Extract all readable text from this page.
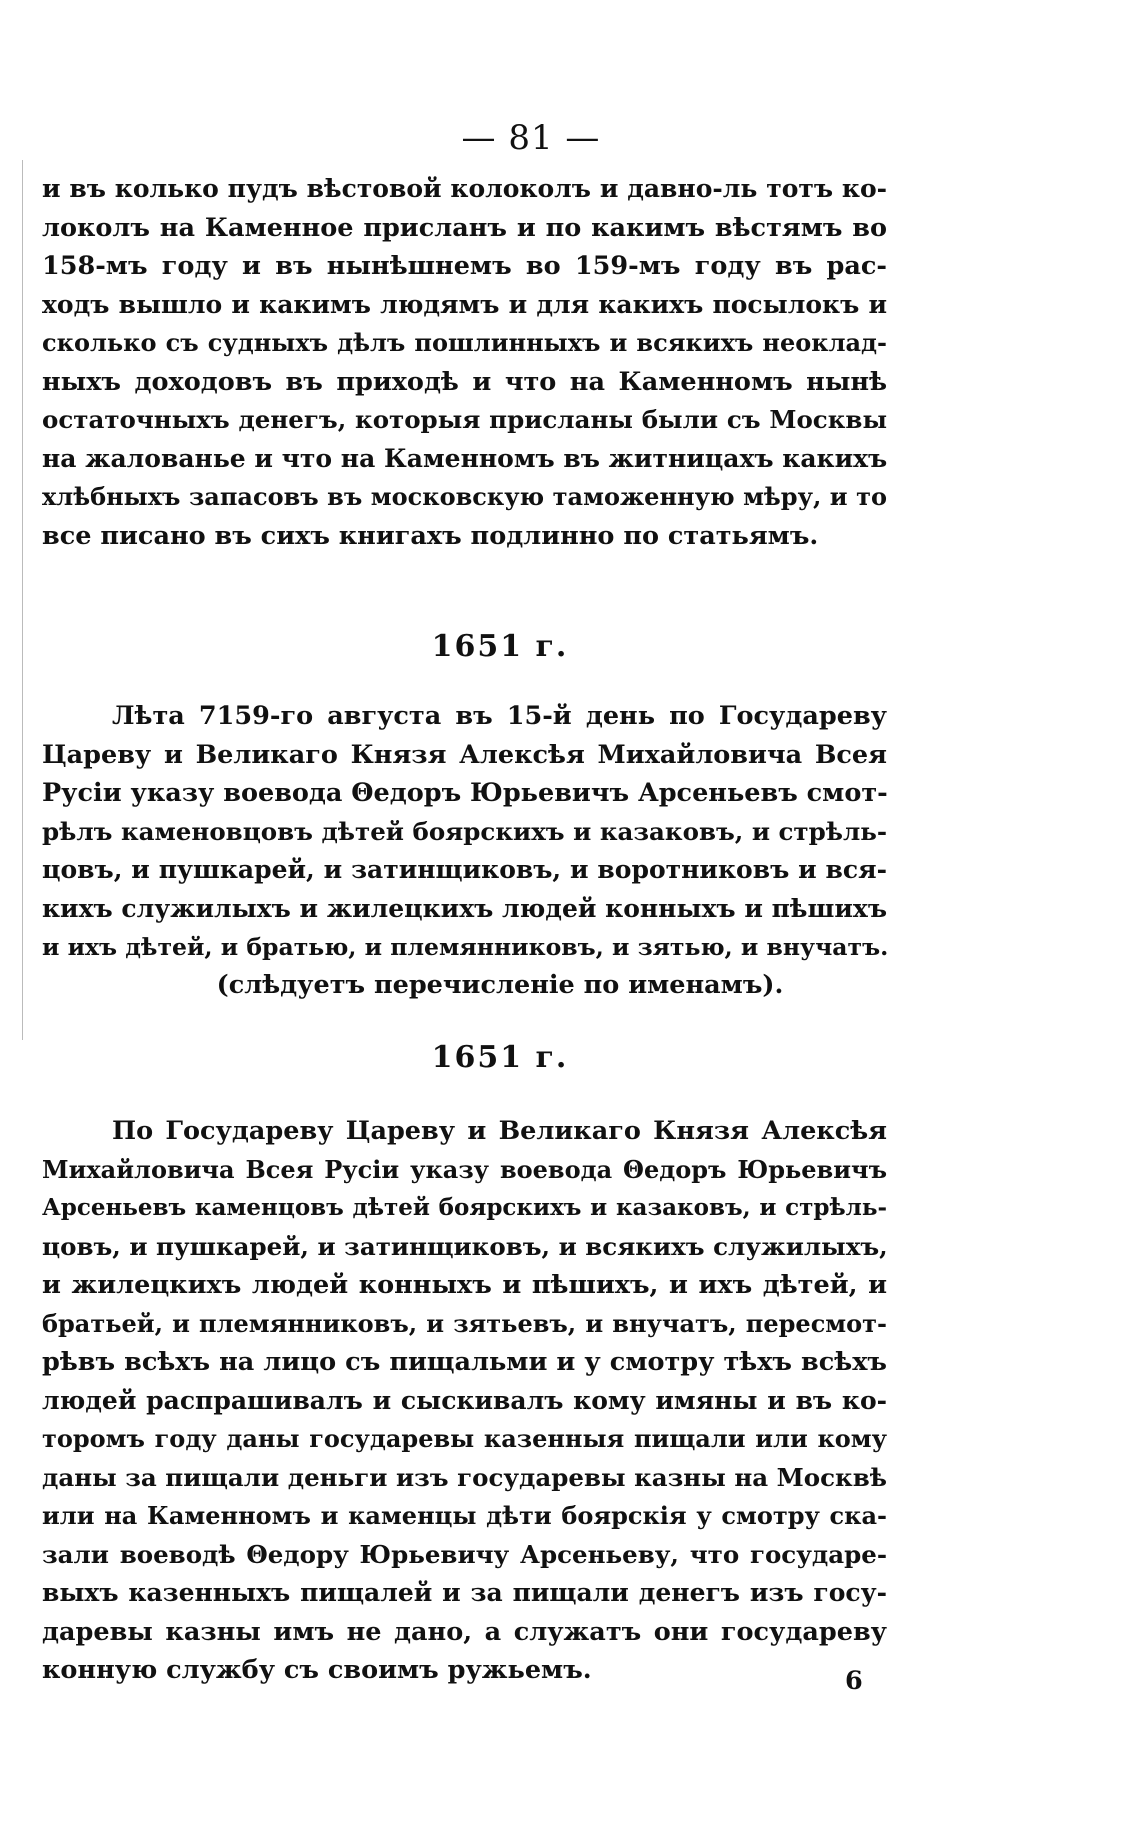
— 81 —
и въ колько пудъ вѣстовой колоколъ и давно-ль тотъ ко-
локолъ на Каменное присланъ и по какимъ вѣстямъ во
158-мъ году и въ нынѣшнемъ во 159-мъ году въ рас-
ходъ вышло и какимъ людямъ и для какихъ посылокъ и
сколько съ судныхъ дѣлъ пошлинныхъ и всякихъ неоклад-
ныхъ доходовъ въ приходѣ и что на Каменномъ нынѣ
остаточныхъ денегъ, которыя присланы были съ Москвы
на жалованье и что на Каменномъ въ житницахъ какихъ
хлѣбныхъ запасовъ въ московскую таможенную мѣру, и то
все писано въ сихъ книгахъ подлинно по статьямъ.
1651 г.
Лѣта 7159-го августа въ 15-й день по Государеву
Цареву и Великаго Князя Алексѣя Михайловича Всея
Русіи указу воевода Θедоръ Юрьевичъ Арсеньевъ смот-
рѣлъ каменовцовъ дѣтей боярскихъ и казаковъ, и стрѣль-
цовъ, и пушкарей, и затинщиковъ, и воротниковъ и вся-
кихъ служилыхъ и жилецкихъ людей конныхъ и пѣшихъ
и ихъ дѣтей, и братью, и племянниковъ, и зятью, и внучатъ.
(слѣдуетъ перечисленіе по именамъ).
1651 г.
По Государеву Цареву и Великаго Князя Алексѣя
Михайловича Всея Русіи указу воевода Θедоръ Юрьевичъ
Арсеньевъ каменцовъ дѣтей боярскихъ и казаковъ, и стрѣль-
цовъ, и пушкарей, и затинщиковъ, и всякихъ служилыхъ,
и жилецкихъ людей конныхъ и пѣшихъ, и ихъ дѣтей, и
братьей, и племянниковъ, и зятьевъ, и внучатъ, пересмот-
рѣвъ всѣхъ на лицо съ пищальми и у смотру тѣхъ всѣхъ
людей распрашивалъ и сыскивалъ кому имяны и въ ко-
торомъ году даны государевы казенныя пищали или кому
даны за пищали деньги изъ государевы казны на Москвѣ
или на Каменномъ и каменцы дѣти боярскія у смотру ска-
зали воеводѣ Θедору Юрьевичу Арсеньеву, что государе-
выхъ казенныхъ пищалей и за пищали денегъ изъ госу-
даревы казны имъ не дано, а служатъ они государеву
конную службу съ своимъ ружьемъ.	6
